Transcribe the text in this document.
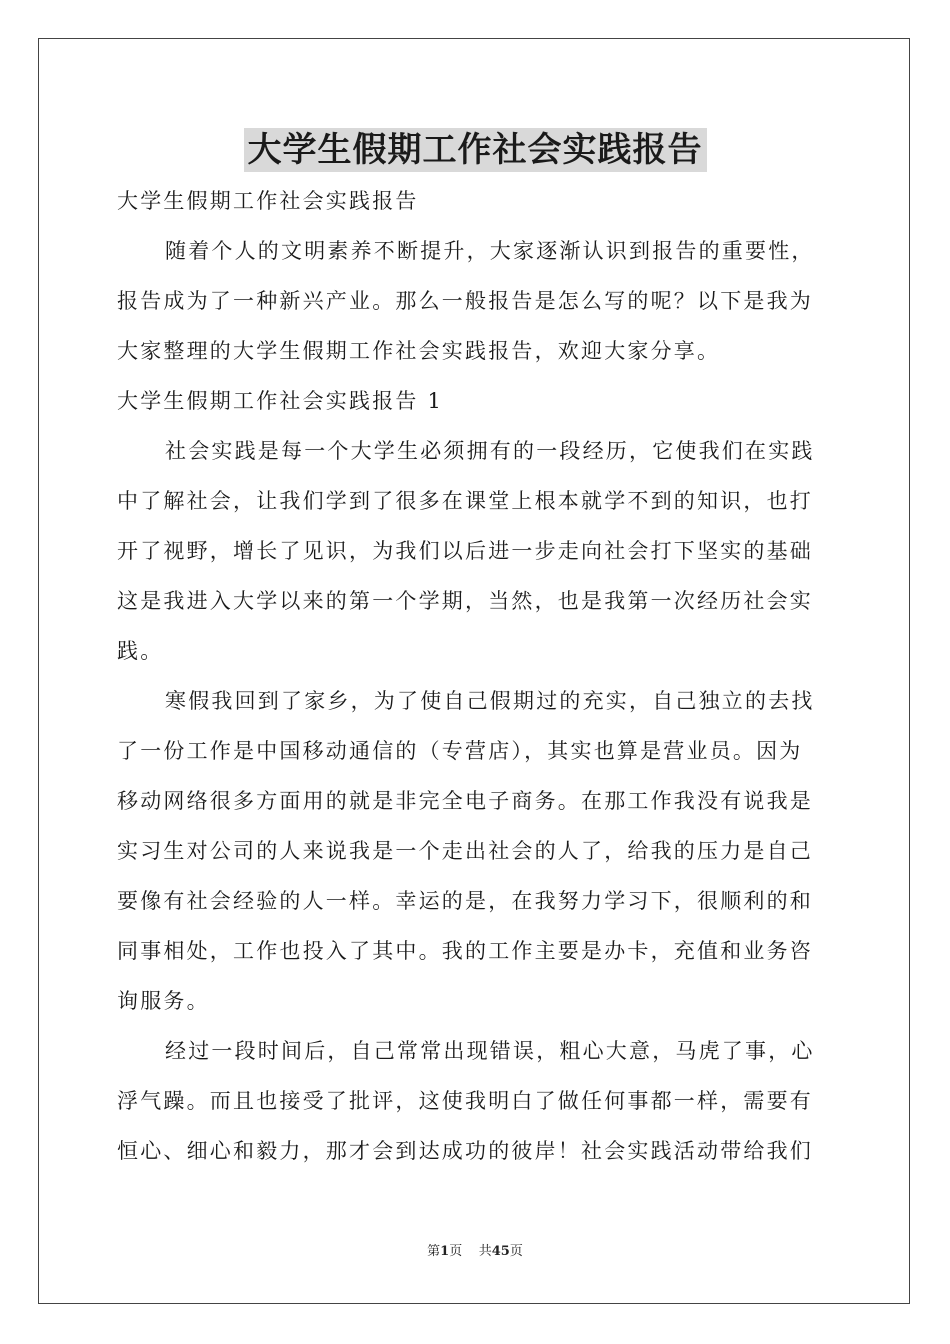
大学生假期工作社会实践报告
大学生假期工作社会实践报告
随着个人的文明素养不断提升，大家逐渐认识到报告的重要性，
报告成为了一种新兴产业。那么一般报告是怎么写的呢？以下是我为
大家整理的大学生假期工作社会实践报告，欢迎大家分享。
大学生假期工作社会实践报告 1
社会实践是每一个大学生必须拥有的一段经历，它使我们在实践
中了解社会，让我们学到了很多在课堂上根本就学不到的知识，也打
开了视野，增长了见识，为我们以后进一步走向社会打下坚实的基础
这是我进入大学以来的第一个学期，当然，也是我第一次经历社会实
践。
寒假我回到了家乡，为了使自己假期过的充实，自己独立的去找
了一份工作是中国移动通信的（专营店），其实也算是营业员。因为
移动网络很多方面用的就是非完全电子商务。在那工作我没有说我是
实习生对公司的人来说我是一个走出社会的人了，给我的压力是自己
要像有社会经验的人一样。幸运的是，在我努力学习下，很顺利的和
同事相处，工作也投入了其中。我的工作主要是办卡，充值和业务咨
询服务。
经过一段时间后，自己常常出现错误，粗心大意，马虎了事，心
浮气躁。而且也接受了批评，这使我明白了做任何事都一样，需要有
恒心、细心和毅力，那才会到达成功的彼岸！社会实践活动带给我们
第1页 共45页
